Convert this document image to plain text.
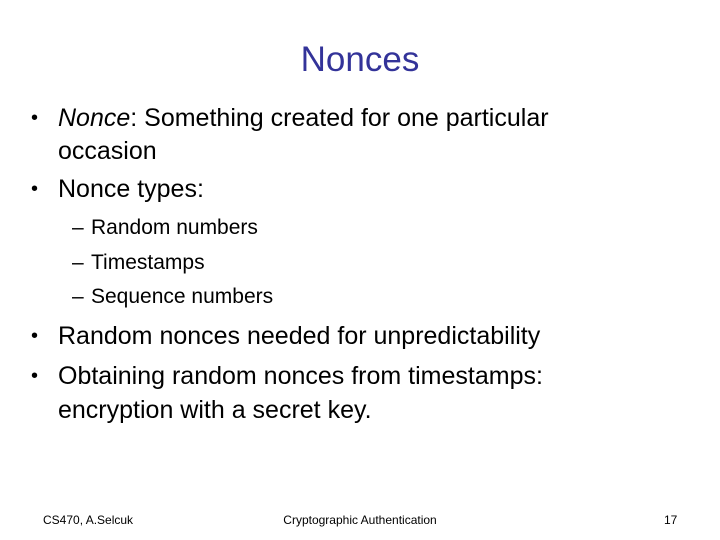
Nonces
• Nonce: Something created for one particular
occasion
• Nonce types:
– Random numbers
– Timestamps
– Sequence numbers
• Random nonces needed for unpredictability
• Obtaining random nonces from timestamps:
encryption with a secret key.
CS470, A.Selcuk	Cryptographic Authentication	17
